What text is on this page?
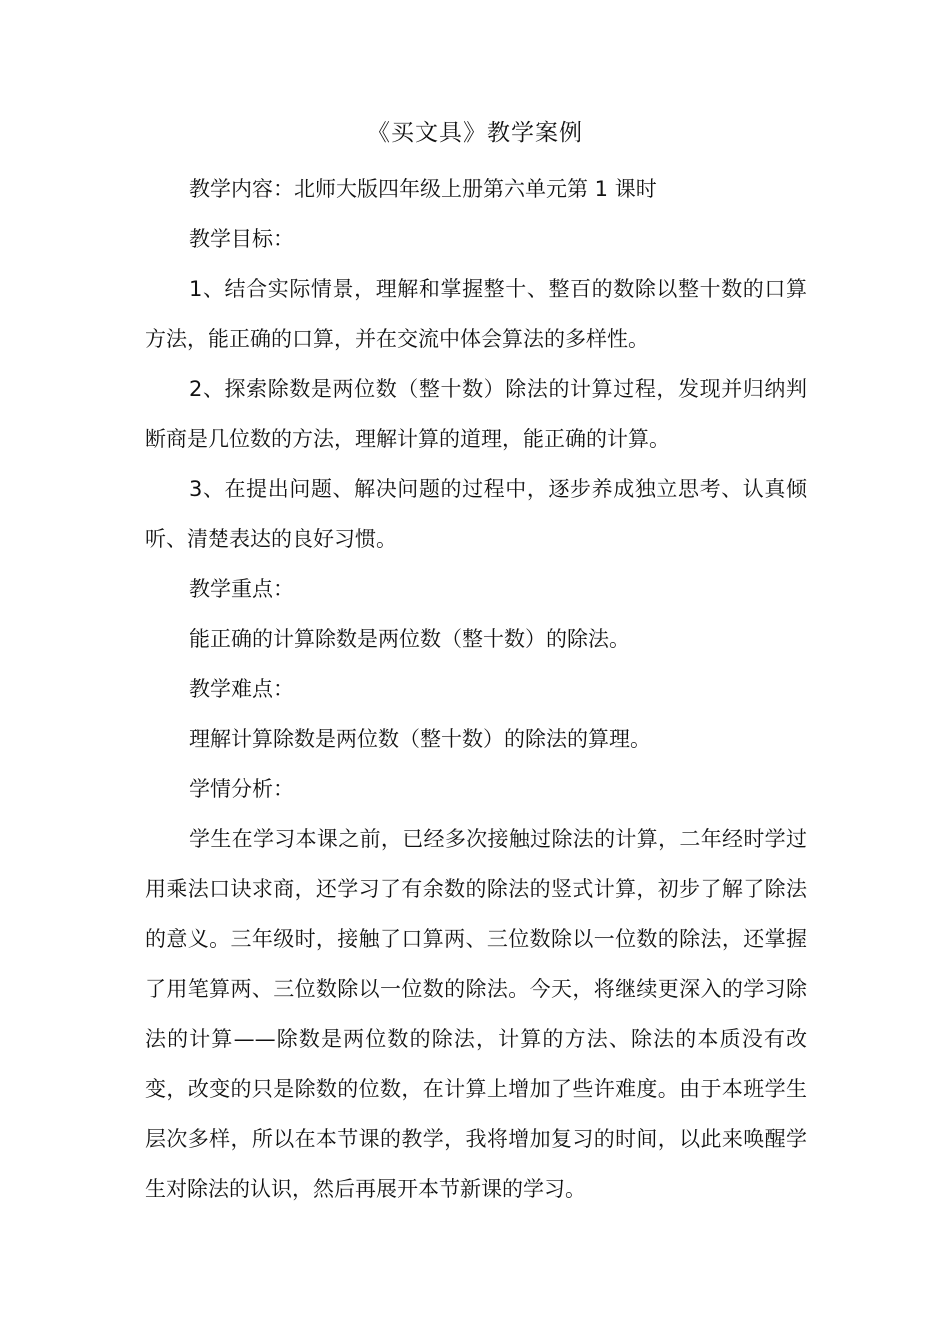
《买文具》教学案例

教学内容：北师大版四年级上册第六单元第 1 课时

教学目标：

1、结合实际情景，理解和掌握整十、整百的数除以整十数的口算方法，能正确的口算，并在交流中体会算法的多样性。

2、探索除数是两位数（整十数）除法的计算过程，发现并归纳判断商是几位数的方法，理解计算的道理，能正确的计算。

3、在提出问题、解决问题的过程中，逐步养成独立思考、认真倾听、清楚表达的良好习惯。

教学重点：

能正确的计算除数是两位数（整十数）的除法。

教学难点：

理解计算除数是两位数（整十数）的除法的算理。

学情分析：

学生在学习本课之前，已经多次接触过除法的计算，二年经时学过用乘法口诀求商，还学习了有余数的除法的竖式计算，初步了解了除法的意义。三年级时，接触了口算两、三位数除以一位数的除法，还掌握了用笔算两、三位数除以一位数的除法。今天，将继续更深入的学习除法的计算——除数是两位数的除法，计算的方法、除法的本质没有改变，改变的只是除数的位数，在计算上增加了些许难度。由于本班学生层次多样，所以在本节课的教学，我将增加复习的时间，以此来唤醒学生对除法的认识，然后再展开本节新课的学习。
